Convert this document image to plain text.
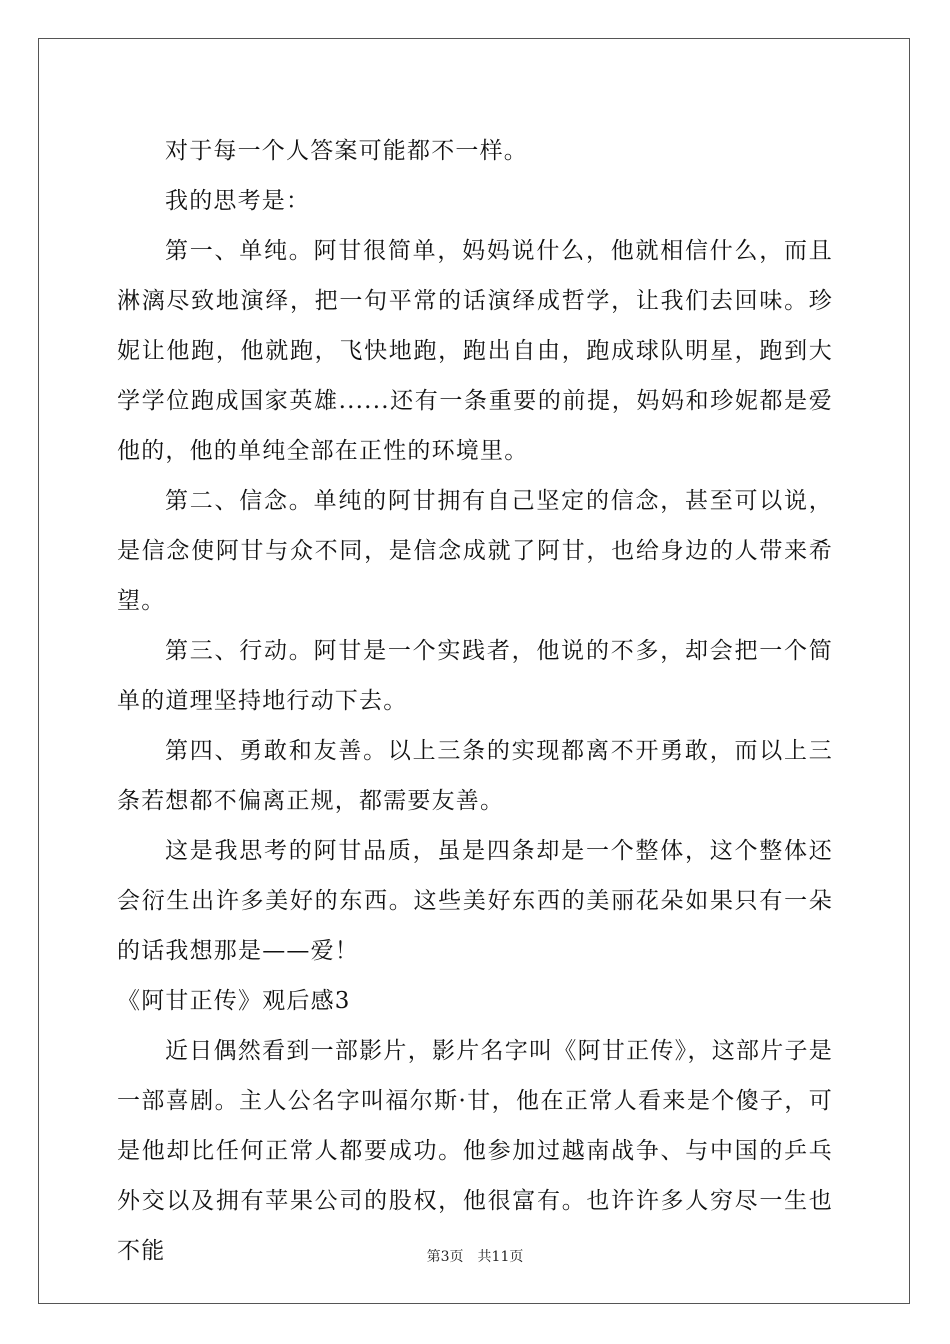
对于每一个人答案可能都不一样。

我的思考是：

第一、单纯。阿甘很简单，妈妈说什么，他就相信什么，而且淋漓尽致地演绎，把一句平常的话演绎成哲学，让我们去回味。珍妮让他跑，他就跑，飞快地跑，跑出自由，跑成球队明星，跑到大学学位跑成国家英雄......还有一条重要的前提，妈妈和珍妮都是爱他的，他的单纯全部在正性的环境里。

第二、信念。单纯的阿甘拥有自己坚定的信念，甚至可以说，是信念使阿甘与众不同，是信念成就了阿甘，也给身边的人带来希望。

第三、行动。阿甘是一个实践者，他说的不多，却会把一个简单的道理坚持地行动下去。

第四、勇敢和友善。以上三条的实现都离不开勇敢，而以上三条若想都不偏离正规，都需要友善。

这是我思考的阿甘品质，虽是四条却是一个整体，这个整体还会衍生出许多美好的东西。这些美好东西的美丽花朵如果只有一朵的话我想那是——爱！

《阿甘正传》观后感3

近日偶然看到一部影片，影片名字叫《阿甘正传》，这部片子是一部喜剧。主人公名字叫福尔斯·甘，他在正常人看来是个傻子，可是他却比任何正常人都要成功。他参加过越南战争、与中国的乒乓外交以及拥有苹果公司的股权，他很富有。也许许多人穷尽一生也不能	第3页 共11页
